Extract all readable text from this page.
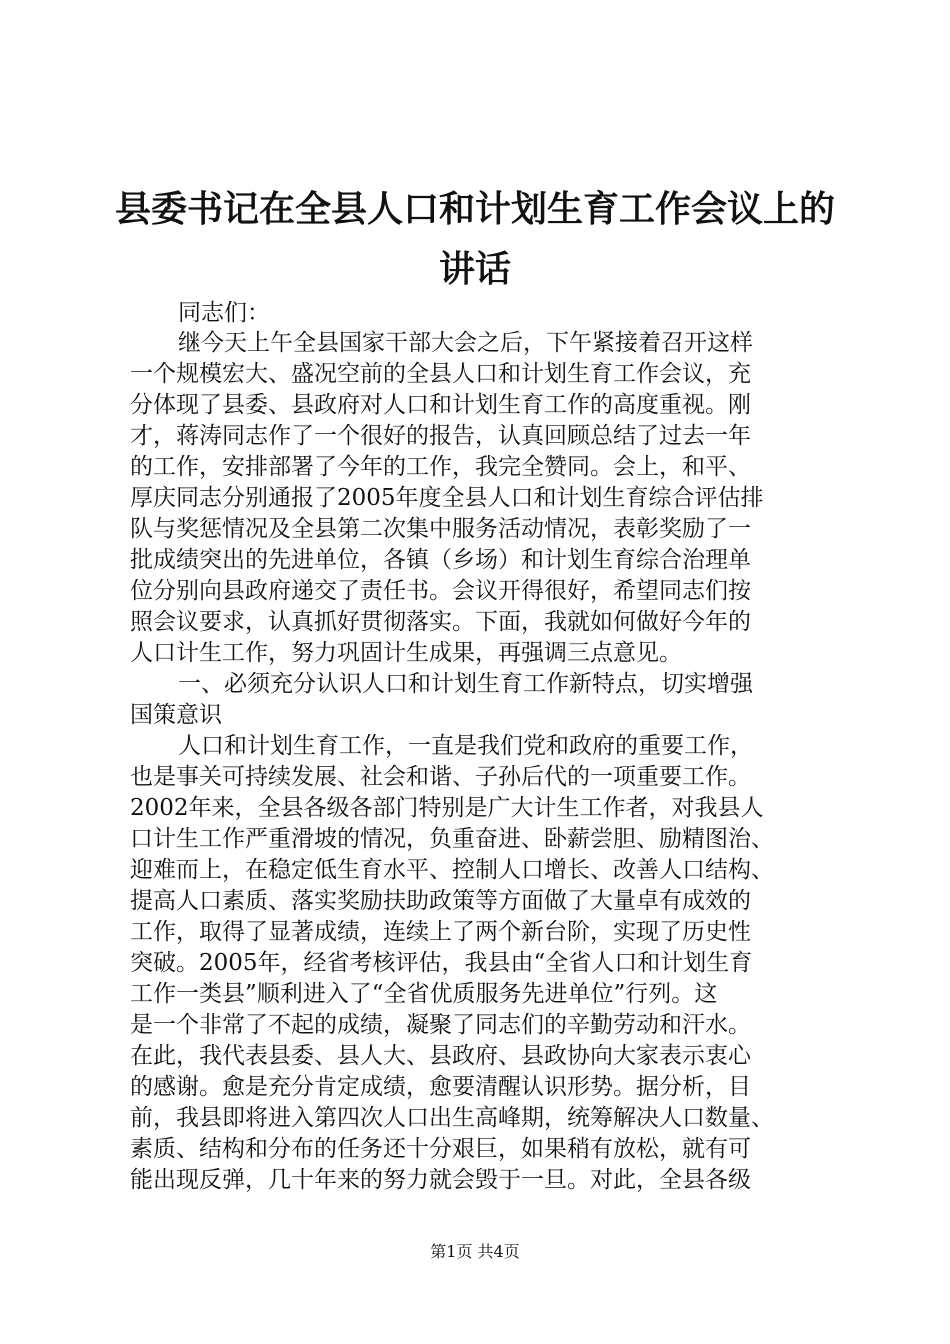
县委书记在全县人口和计划生育工作会议上的
讲话

同志们：

继今天上午全县国家干部大会之后，下午紧接着召开这样

一个规模宏大、盛况空前的全县人口和计划生育工作会议，充

分体现了县委、县政府对人口和计划生育工作的高度重视。刚

才，蒋涛同志作了一个很好的报告，认真回顾总结了过去一年

的工作，安排部署了今年的工作，我完全赞同。会上，和平、

厚庆同志分别通报了2005年度全县人口和计划生育综合评估排

队与奖惩情况及全县第二次集中服务活动情况，表彰奖励了一

批成绩突出的先进单位，各镇（乡场）和计划生育综合治理单

位分别向县政府递交了责任书。会议开得很好，希望同志们按

照会议要求，认真抓好贯彻落实。下面，我就如何做好今年的

人口计生工作，努力巩固计生成果，再强调三点意见。

一、必须充分认识人口和计划生育工作新特点，切实增强

国策意识

人口和计划生育工作，一直是我们党和政府的重要工作，

也是事关可持续发展、社会和谐、子孙后代的一项重要工作。

2002年来，全县各级各部门特别是广大计生工作者，对我县人

口计生工作严重滑坡的情况，负重奋进、卧薪尝胆、励精图治、

迎难而上，在稳定低生育水平、控制人口增长、改善人口结构、

提高人口素质、落实奖励扶助政策等方面做了大量卓有成效的

工作，取得了显著成绩，连续上了两个新台阶，实现了历史性

突破。2005年，经省考核评估，我县由“全省人口和计划生育

工作一类县”顺利进入了“全省优质服务先进单位”行列。这

是一个非常了不起的成绩，凝聚了同志们的辛勤劳动和汗水。

在此，我代表县委、县人大、县政府、县政协向大家表示衷心

的感谢。愈是充分肯定成绩，愈要清醒认识形势。据分析，目

前，我县即将进入第四次人口出生高峰期，统筹解决人口数量、

素质、结构和分布的任务还十分艰巨，如果稍有放松，就有可

能出现反弹，几十年来的努力就会毁于一旦。对此，全县各级

第1页 共4页
